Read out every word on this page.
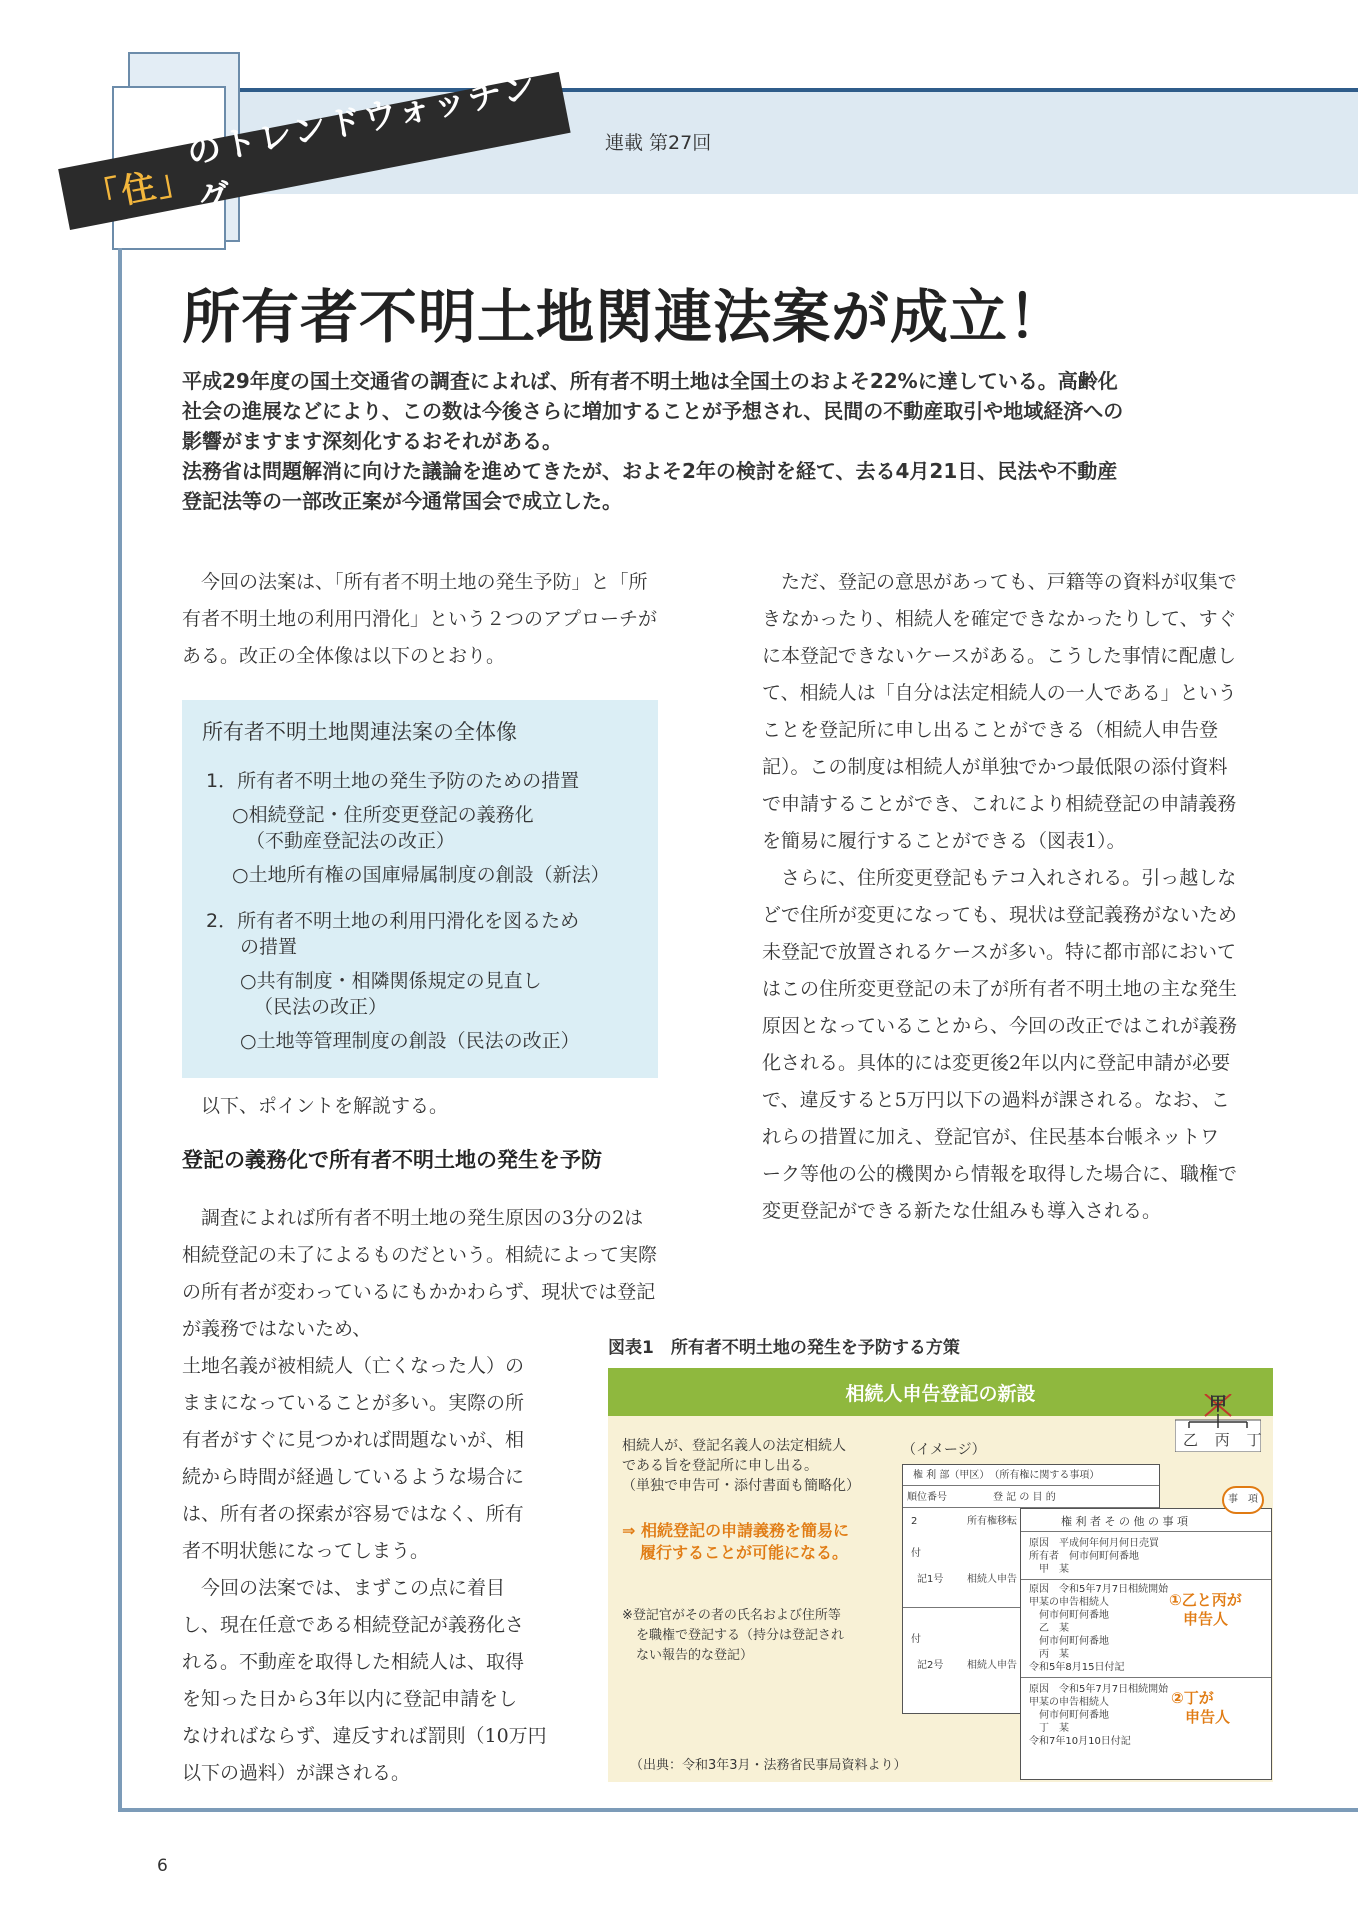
「住」
のトレンドウォッチング
連載 第27回
所有者不明土地関連法案が成立！

平成29年度の国土交通省の調査によれば、所有者不明土地は全国土のおよそ22%に達している。高齢化

社会の進展などにより、この数は今後さらに増加することが予想され、民間の不動産取引や地域経済への

影響がますます深刻化するおそれがある。

法務省は問題解消に向けた議論を進めてきたが、およそ2年の検討を経て、去る4月21日、民法や不動産

登記法等の一部改正案が今通常国会で成立した。

今回の法案は、「所有者不明土地の発生予防」と「所有者不明土地の利用円滑化」という２つのアプローチがある。改正の全体像は以下のとおり。

所有者不明土地関連法案の全体像
1．所有者不明土地の発生予防のための措置
○相続登記・住所変更登記の義務化
（不動産登記法の改正）
○土地所有権の国庫帰属制度の創設（新法）
2．所有者不明土地の利用円滑化を図るため
の措置
○共有制度・相隣関係規定の見直し
（民法の改正）
○土地等管理制度の創設（民法の改正）

以下、ポイントを解説する。

登記の義務化で所有者不明土地の発生を予防

調査によれば所有者不明土地の発生原因の3分の2は相続登記の未了によるものだという。相続によって実際の所有者が変わっているにもかかわらず、現状では登記が義務ではないため、

土地名義が被相続人（亡くなった人）の

ままになっていることが多い。実際の所

有者がすぐに見つかれば問題ないが、相

続から時間が経過しているような場合に

は、所有者の探索が容易ではなく、所有

者不明状態になってしまう。

　今回の法案では、まずこの点に着目

し、現在任意である相続登記が義務化さ

れる。不動産を取得した相続人は、取得

を知った日から3年以内に登記申請をし

なければならず、違反すれば罰則（10万円

以下の過料）が課される。

ただ、登記の意思があっても、戸籍等の資料が収集できなかったり、相続人を確定できなかったりして、すぐに本登記できないケースがある。こうした事情に配慮して、相続人は「自分は法定相続人の一人である」ということを登記所に申し出ることができる（相続人申告登記）。この制度は相続人が単独でかつ最低限の添付資料で申請することができ、これにより相続登記の申請義務を簡易に履行することができる（図表1）。

さらに、住所変更登記もテコ入れされる。引っ越しなどで住所が変更になっても、現状は登記義務がないため未登記で放置されるケースが多い。特に都市部においてはこの住所変更登記の未了が所有者不明土地の主な発生原因となっていることから、今回の改正ではこれが義務化される。具体的には変更後2年以内に登記申請が必要で、違反すると5万円以下の過料が課される。なお、これらの措置に加え、登記官が、住民基本台帳ネットワーク等他の公的機関から情報を取得した場合に、職権で変更登記ができる新たな仕組みも導入される。

図表1　所有者不明土地の発生を予防する方策
相続人申告登記の新設
相続人が、登記名義人の法定相続人
である旨を登記所に申し出る。
（単独で申告可・添付書面も簡略化）
⇒ 相続登記の申請義務を簡易に
履行することが可能になる。
※登記官がその者の氏名および住所等
を職権で登記する（持分は登記され
ない報告的な登記）
（イメージ）
甲
乙 丙 丁
権 利 部（甲区）　（所有権に関する事項）
順位番号	登 記 の 目 的
2	所有権移転
付
記1号 相続人申告
付
記2号 相続人申告
権 利 者 そ の 他 の 事 項
原因　平成何年何月何日売買
所有者　何市何町何番地
　甲　某
原因　令和5年7月7日相続開始
甲某の申告相続人
　何市何町何番地
　乙　某
　何市何町何番地
　丙　某
令和5年8月15日付記
原因　令和5年7月7日相続開始
甲某の申告相続人
　何市何町何番地
　丁　某
令和7年10月10日付記
①乙と丙が
申告人
②丁が
申告人
事　項
（出典：令和3年3月・法務省民事局資料より）
6
